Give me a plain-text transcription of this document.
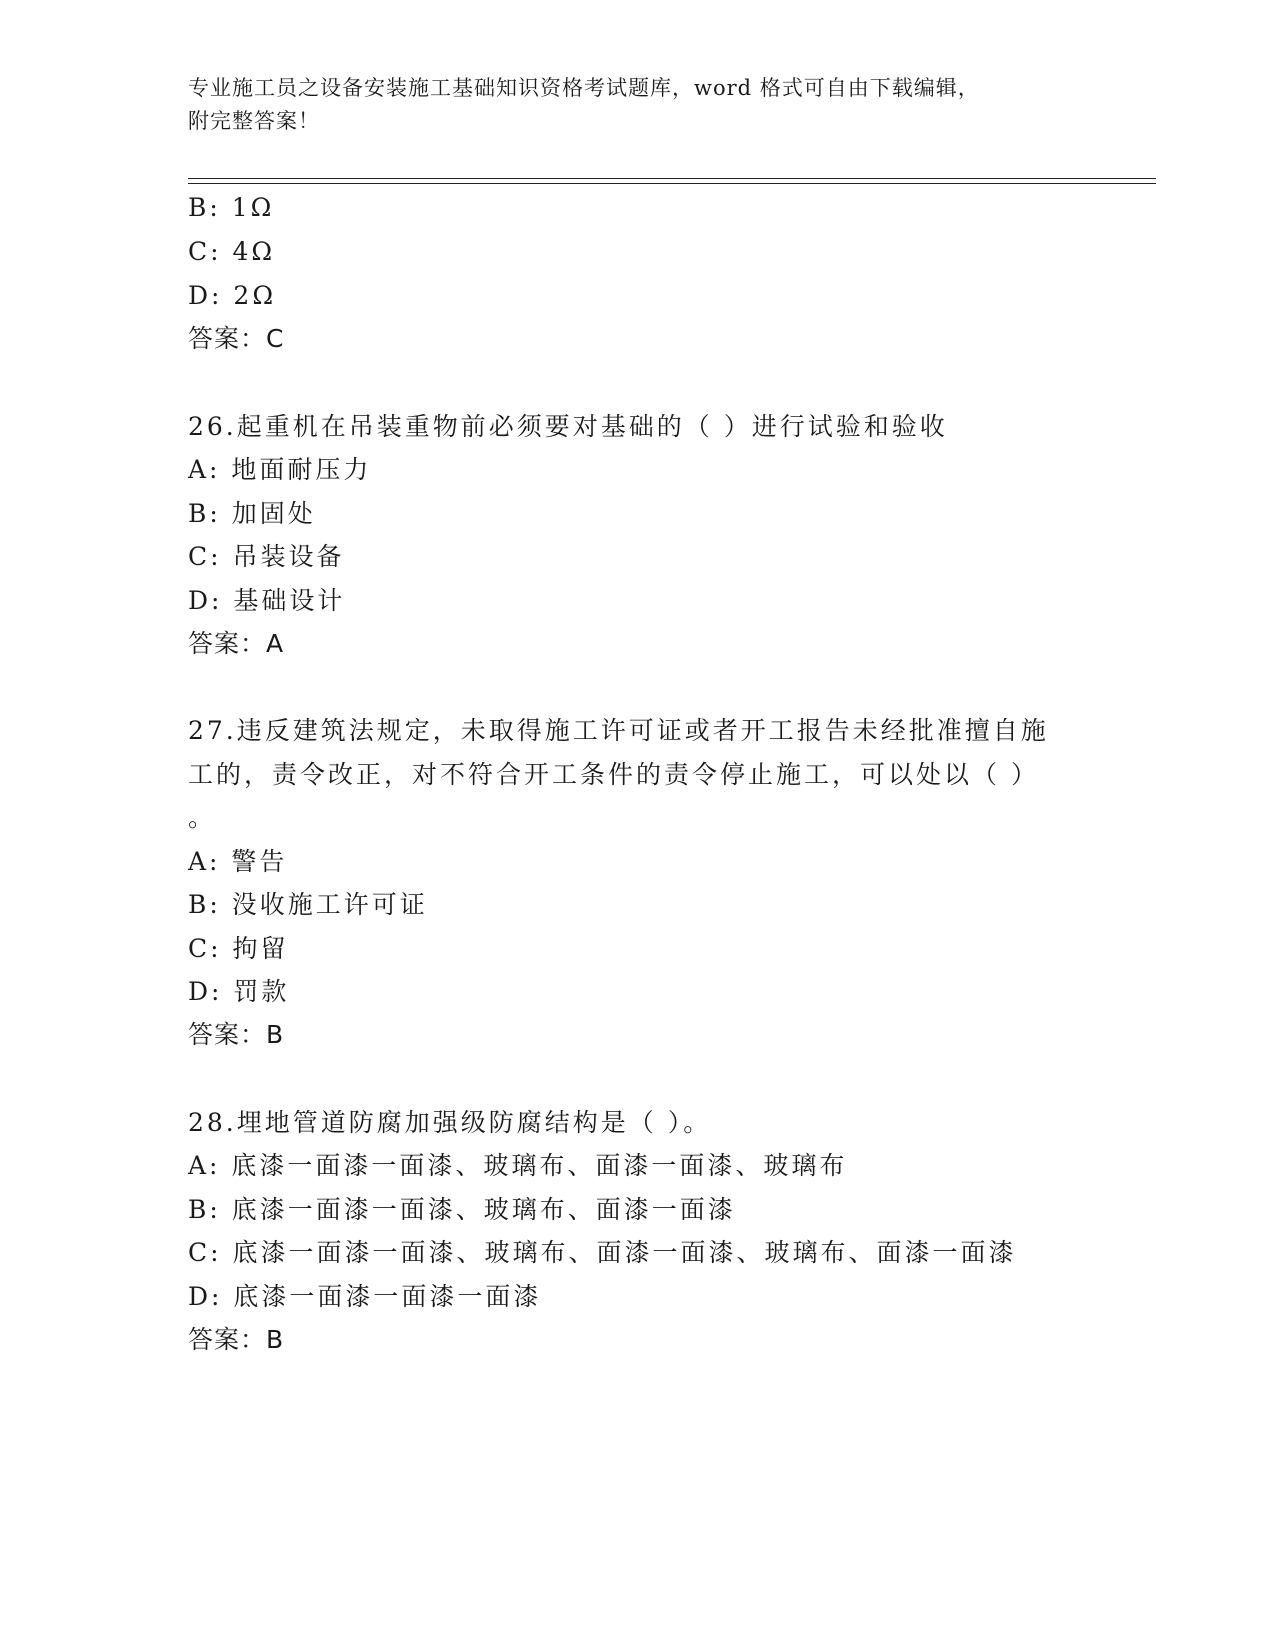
专业施工员之设备安装施工基础知识资格考试题库，word 格式可自由下载编辑，
附完整答案！
B: 1Ω
C: 4Ω
D: 2Ω
答案：C
26.起重机在吊装重物前必须要对基础的（ ）进行试验和验收
A: 地面耐压力
B: 加固处
C: 吊装设备
D: 基础设计
答案：A
27.违反建筑法规定，未取得施工许可证或者开工报告未经批准擅自施
工的，责令改正，对不符合开工条件的责令停止施工，可以处以（ ）
。
A: 警告
B: 没收施工许可证
C: 拘留
D: 罚款
答案：B
28.埋地管道防腐加强级防腐结构是（ ）。
A: 底漆一面漆一面漆、玻璃布、面漆一面漆、玻璃布
B: 底漆一面漆一面漆、玻璃布、面漆一面漆
C: 底漆一面漆一面漆、玻璃布、面漆一面漆、玻璃布、面漆一面漆
D: 底漆一面漆一面漆一面漆
答案：B
